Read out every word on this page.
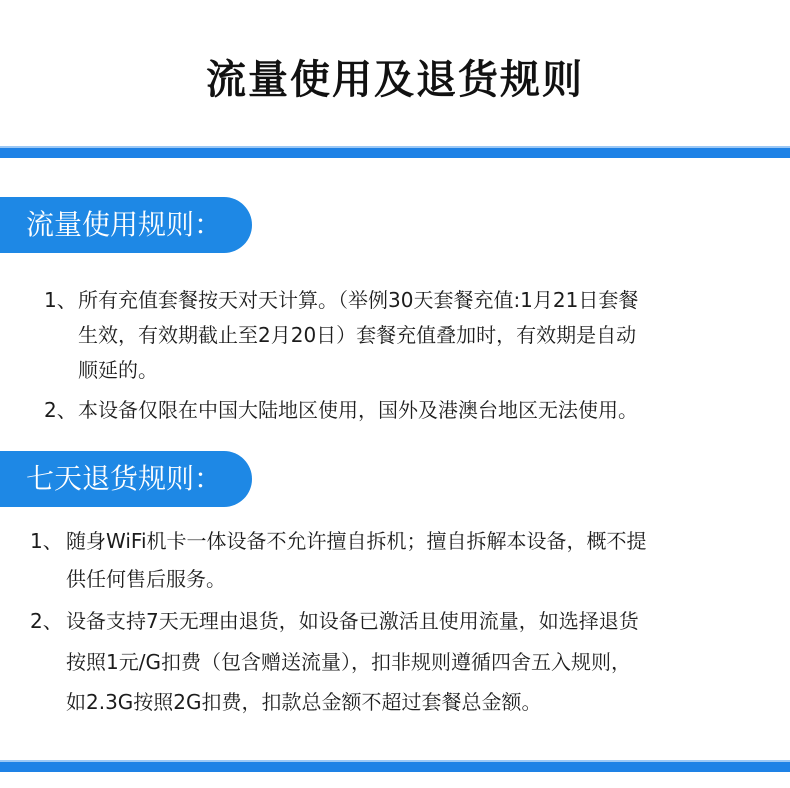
流量使用及退货规则
流量使用规则：
1、 所有充值套餐按天对天计算。（举例30天套餐充值:1月21日套餐
生效，有效期截止至2月20日）套餐充值叠加时，有效期是自动
顺延的。
2、 本设备仅限在中国大陆地区使用，国外及港澳台地区无法使用。
七天退货规则：
1、 随身WiFi机卡一体设备不允许擅自拆机；擅自拆解本设备，概不提
供任何售后服务。
2、 设备支持7天无理由退货，如设备已激活且使用流量，如选择退货
按照1元/G扣费（包含赠送流量），扣非规则遵循四舍五入规则，
如2.3G按照2G扣费，扣款总金额不超过套餐总金额。
